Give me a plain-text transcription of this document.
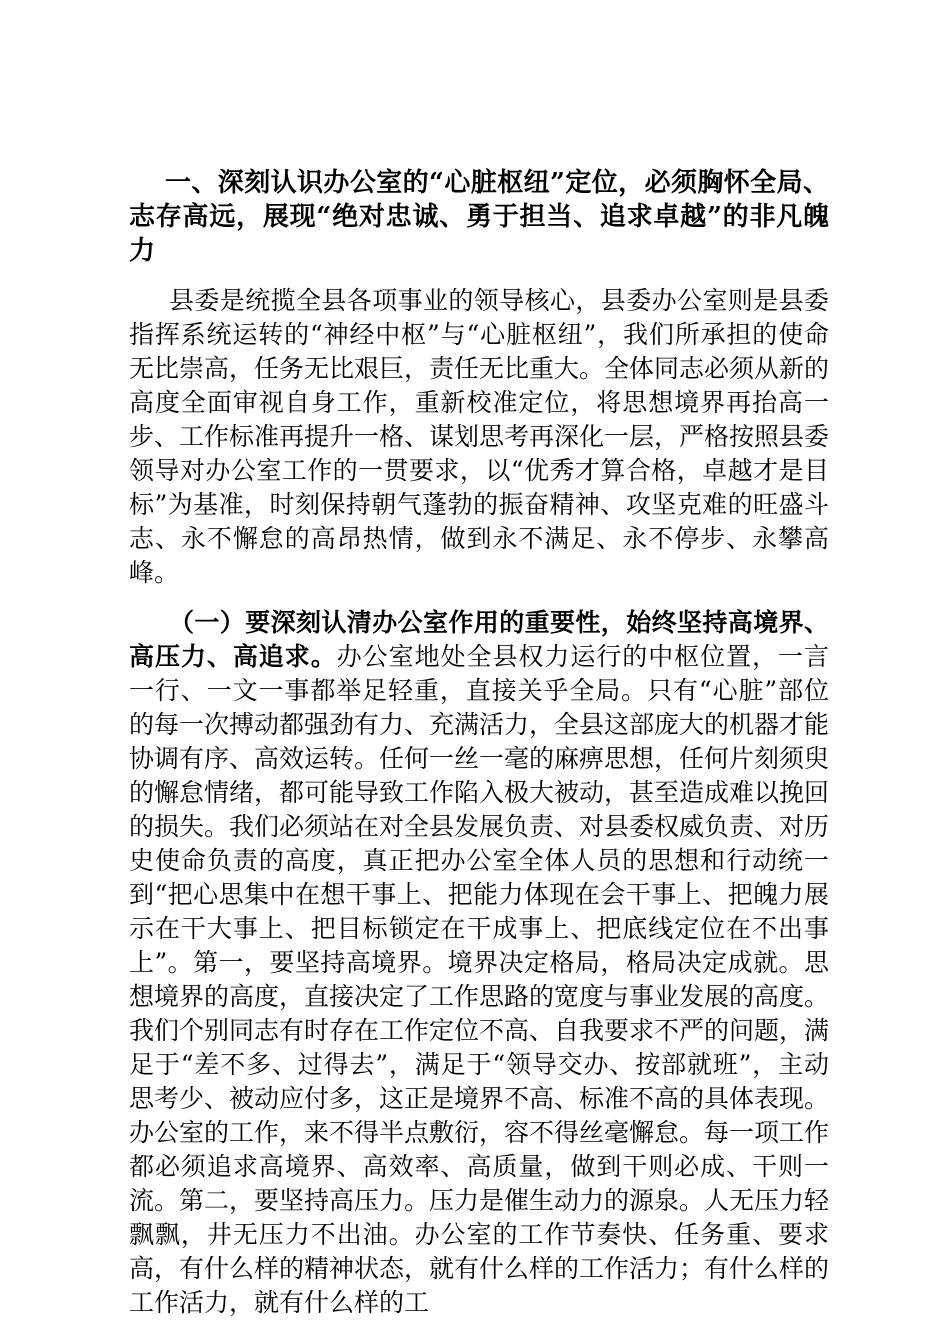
一、深刻认识办公室的“心脏枢纽”定位，必须胸怀全局、志存高远，展现“绝对忠诚、勇于担当、追求卓越”的非凡魄力

县委是统揽全县各项事业的领导核心，县委办公室则是县委指挥系统运转的“神经中枢”与“心脏枢纽”，我们所承担的使命无比崇高，任务无比艰巨，责任无比重大。全体同志必须从新的高度全面审视自身工作，重新校准定位，将思想境界再抬高一步、工作标准再提升一格、谋划思考再深化一层，严格按照县委领导对办公室工作的一贯要求，以“优秀才算合格，卓越才是目标”为基准，时刻保持朝气蓬勃的振奋精神、攻坚克难的旺盛斗志、永不懈怠的高昂热情，做到永不满足、永不停步、永攀高峰。

（一）要深刻认清办公室作用的重要性，始终坚持高境界、高压力、高追求。办公室地处全县权力运行的中枢位置，一言一行、一文一事都举足轻重，直接关乎全局。只有“心脏”部位的每一次搏动都强劲有力、充满活力，全县这部庞大的机器才能协调有序、高效运转。任何一丝一毫的麻痹思想，任何片刻须臾的懈怠情绪，都可能导致工作陷入极大被动，甚至造成难以挽回的损失。我们必须站在对全县发展负责、对县委权威负责、对历史使命负责的高度，真正把办公室全体人员的思想和行动统一到“把心思集中在想干事上、把能力体现在会干事上、把魄力展示在干大事上、把目标锁定在干成事上、把底线定位在不出事上”。第一，要坚持高境界。境界决定格局，格局决定成就。思想境界的高度，直接决定了工作思路的宽度与事业发展的高度。我们个别同志有时存在工作定位不高、自我要求不严的问题，满足于“差不多、过得去”，满足于“领导交办、按部就班”，主动思考少、被动应付多，这正是境界不高、标准不高的具体表现。办公室的工作，来不得半点敷衍，容不得丝毫懈怠。每一项工作都必须追求高境界、高效率、高质量，做到干则必成、干则一流。第二，要坚持高压力。压力是催生动力的源泉。人无压力轻飘飘，井无压力不出油。办公室的工作节奏快、任务重、要求高，有什么样的精神状态，就有什么样的工作活力；有什么样的工作活力，就有什么样的工
